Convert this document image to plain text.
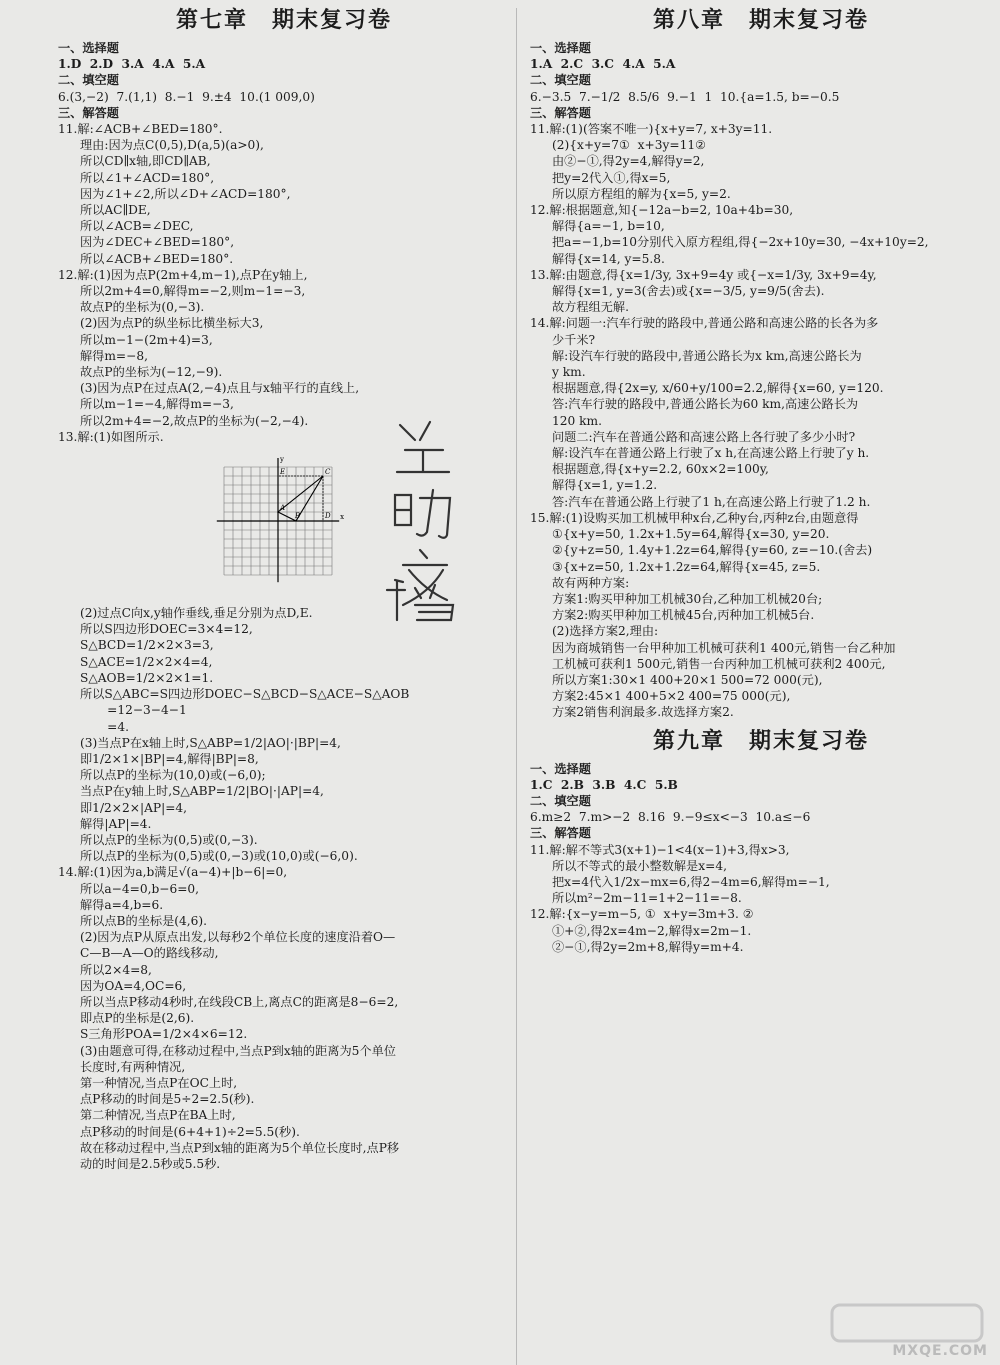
第七章　期末复习卷
一、选择题
1.D  2.D  3.A  4.A  5.A
二、填空题
6.(3,−2)  7.(1,1)  8.−1  9.±4  10.(1 009,0)
三、解答题
11.解:∠ACB+∠BED=180°.
理由:因为点C(0,5),D(a,5)(a>0),
所以CD∥x轴,即CD∥AB,
所以∠1+∠ACD=180°,
因为∠1+∠2,所以∠D+∠ACD=180°,
所以AC∥DE,
所以∠ACB=∠DEC,
因为∠DEC+∠BED=180°,
所以∠ACB+∠BED=180°.
12.解:(1)因为点P(2m+4,m−1),点P在y轴上,
所以2m+4=0,解得m=−2,则m−1=−3,
故点P的坐标为(0,−3).
(2)因为点P的纵坐标比横坐标大3,
所以m−1−(2m+4)=3,
解得m=−8,
故点P的坐标为(−12,−9).
(3)因为点P在过点A(2,−4)点且与x轴平行的直线上,
所以m−1=−4,解得m=−3,
所以2m+4=−2,故点P的坐标为(−2,−4).
13.解:(1)如图所示.
x
y
A
B
C
D
E
(2)过点C向x,y轴作垂线,垂足分别为点D,E.
所以S四边形DOEC=3×4=12,
S△BCD=1/2×2×3=3,
S△ACE=1/2×2×4=4,
S△AOB=1/2×2×1=1.
所以S△ABC=S四边形DOEC−S△BCD−S△ACE−S△AOB
=12−3−4−1
=4.
(3)当点P在x轴上时,S△ABP=1/2|AO|·|BP|=4,
即1/2×1×|BP|=4,解得|BP|=8,
所以点P的坐标为(10,0)或(−6,0);
当点P在y轴上时,S△ABP=1/2|BO|·|AP|=4,
即1/2×2×|AP|=4,
解得|AP|=4.
所以点P的坐标为(0,5)或(0,−3).
所以点P的坐标为(0,5)或(0,−3)或(10,0)或(−6,0).
14.解:(1)因为a,b满足√(a−4)+|b−6|=0,
所以a−4=0,b−6=0,
解得a=4,b=6.
所以点B的坐标是(4,6).
(2)因为点P从原点出发,以每秒2个单位长度的速度沿着O—
C—B—A—O的路线移动,
所以2×4=8,
因为OA=4,OC=6,
所以当点P移动4秒时,在线段CB上,离点C的距离是8−6=2,
即点P的坐标是(2,6).
S三角形POA=1/2×4×6=12.
(3)由题意可得,在移动过程中,当点P到x轴的距离为5个单位
长度时,有两种情况,
第一种情况,当点P在OC上时,
点P移动的时间是5÷2=2.5(秒).
第二种情况,当点P在BA上时,
点P移动的时间是(6+4+1)÷2=5.5(秒).
故在移动过程中,当点P到x轴的距离为5个单位长度时,点P移
动的时间是2.5秒或5.5秒.
第八章　期末复习卷
一、选择题
1.A  2.C  3.C  4.A  5.A
二、填空题
6.−3.5  7.−1/2  8.5/6  9.−1  1  10.{a=1.5, b=−0.5
三、解答题
11.解:(1)(答案不唯一){x+y=7, x+3y=11.
(2){x+y=7①  x+3y=11②
由②−①,得2y=4,解得y=2,
把y=2代入①,得x=5,
所以原方程组的解为{x=5, y=2.
12.解:根据题意,知{−12a−b=2, 10a+4b=30,
解得{a=−1, b=10,
把a=−1,b=10分别代入原方程组,得{−2x+10y=30, −4x+10y=2,
解得{x=14, y=5.8.
13.解:由题意,得{x=1/3y, 3x+9=4y 或{−x=1/3y, 3x+9=4y,
解得{x=1, y=3(舍去)或{x=−3/5, y=9/5(舍去).
故方程组无解.
14.解:问题一:汽车行驶的路段中,普通公路和高速公路的长各为多
少千米?
解:设汽车行驶的路段中,普通公路长为x km,高速公路长为
y km.
根据题意,得{2x=y, x/60+y/100=2.2,解得{x=60, y=120.
答:汽车行驶的路段中,普通公路长为60 km,高速公路长为
120 km.
问题二:汽车在普通公路和高速公路上各行驶了多少小时?
解:设汽车在普通公路上行驶了x h,在高速公路上行驶了y h.
根据题意,得{x+y=2.2, 60x×2=100y,
解得{x=1, y=1.2.
答:汽车在普通公路上行驶了1 h,在高速公路上行驶了1.2 h.
15.解:(1)设购买加工机械甲种x台,乙种y台,丙种z台,由题意得
①{x+y=50, 1.2x+1.5y=64,解得{x=30, y=20.
②{y+z=50, 1.4y+1.2z=64,解得{y=60, z=−10.(舍去)
③{x+z=50, 1.2x+1.2z=64,解得{x=45, z=5.
故有两种方案:
方案1:购买甲种加工机械30台,乙种加工机械20台;
方案2:购买甲种加工机械45台,丙种加工机械5台.
(2)选择方案2,理由:
因为商城销售一台甲种加工机械可获利1 400元,销售一台乙种加
工机械可获利1 500元,销售一台丙种加工机械可获利2 400元,
所以方案1:30×1 400+20×1 500=72 000(元),
方案2:45×1 400+5×2 400=75 000(元),
方案2销售利润最多.故选择方案2.
第九章　期末复习卷
一、选择题
1.C  2.B  3.B  4.C  5.B
二、填空题
6.m≥2  7.m>−2  8.16  9.−9≤x<−3  10.a≤−6
三、解答题
11.解:解不等式3(x+1)−1<4(x−1)+3,得x>3,
所以不等式的最小整数解是x=4,
把x=4代入1/2x−mx=6,得2−4m=6,解得m=−1,
所以m²−2m−11=1+2−11=−8.
12.解:{x−y=m−5, ①  x+y=3m+3. ②
①+②,得2x=4m−2,解得x=2m−1.
②−①,得2y=2m+8,解得y=m+4.
MXQE.COM
